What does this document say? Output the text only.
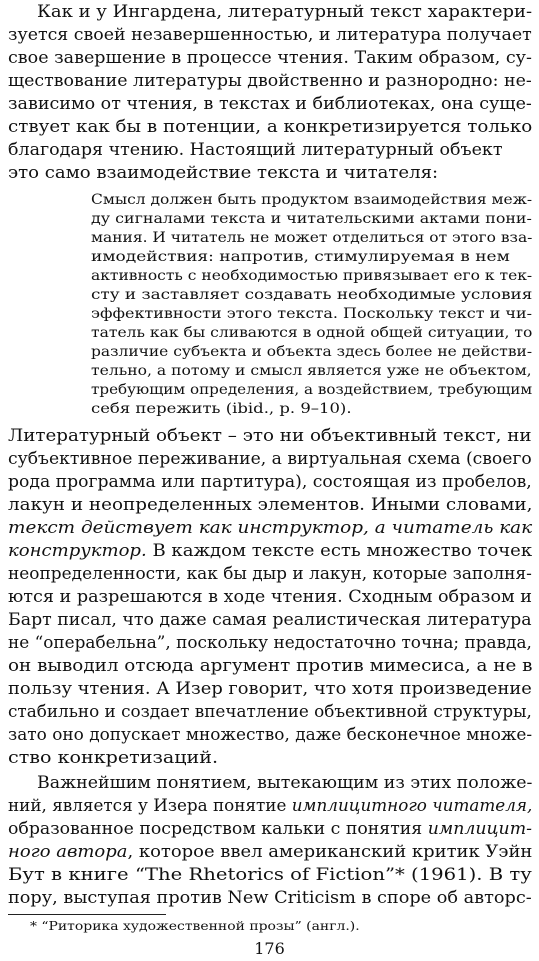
Как и у Ингардена, литературный текст характери-
зуется своей незавершенностью, и литература получает
свое завершение в процессе чтения. Таким образом, су-
ществование литературы двойственно и разнородно: не-
зависимо от чтения, в текстах и библиотеках, она суще-
ствует как бы в потенции, а конкретизируется только
благодаря чтению. Настоящий литературный объект
это само взаимодействие текста и читателя:
Смысл должен быть продуктом взаимодействия меж-
ду сигналами текста и читательскими актами пони-
мания. И читатель не может отделиться от этого вза-
имодействия: напротив, стимулируемая в нем
активность с необходимостью привязывает его к тек-
сту и заставляет создавать необходимые условия
эффективности этого текста. Поскольку текст и чи-
татель как бы сливаются в одной общей ситуации, то
различие субъекта и объекта здесь более не действи-
тельно, а потому и смысл является уже не объектом,
требующим определения, а воздействием, требующим
себя пережить (ibid., p. 9–10).
Литературный объект – это ни объективный текст, ни
субъективное переживание, а виртуальная схема (своего
рода программа или партитура), состоящая из пробелов,
лакун и неопределенных элементов. Иными словами,
текст действует как инструктор, а читатель как
конструктор. В каждом тексте есть множество точек
неопределенности, как бы дыр и лакун, которые заполня-
ются и разрешаются в ходе чтения. Сходным образом и
Барт писал, что даже самая реалистическая литература
не “операбельна”, поскольку недостаточно точна; правда,
он выводил отсюда аргумент против мимесиса, а не в
пользу чтения. А Изер говорит, что хотя произведение
стабильно и создает впечатление объективной структуры,
зато оно допускает множество, даже бесконечное множе-
ство конкретизаций.
Важнейшим понятием, вытекающим из этих положе-
ний, является у Изера понятие имплицитного читателя,
образованное посредством кальки с понятия имплицит-
ного автора, которое ввел американский критик Уэйн
Бут в книге “The Rhetorics of Fiction”* (1961). В ту
пору, выступая против New Criticism в споре об авторс-
* “Риторика художественной прозы” (англ.).
176
